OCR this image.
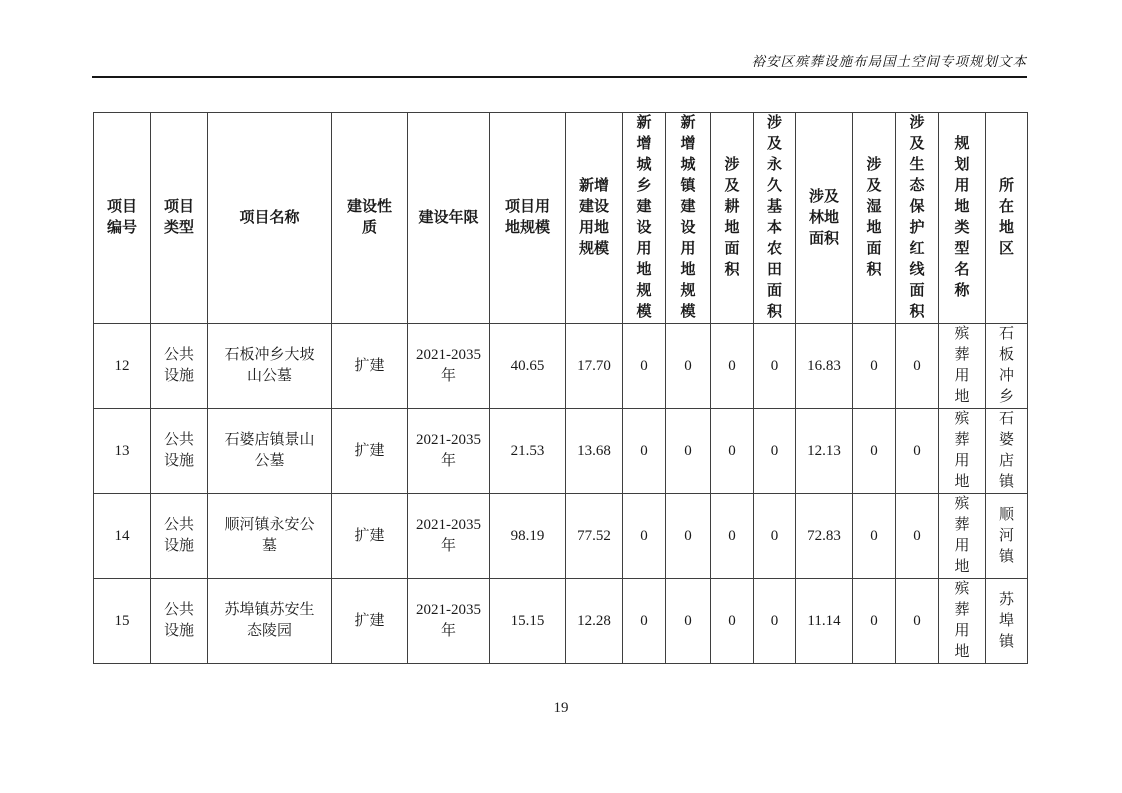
裕安区殡葬设施布局国土空间专项规划文本
项目编号	项目类型	项目名称	建设性质	建设年限	项目用地规模	新增建设用地规模	新增城乡建设用地规模	新增城镇建设用地规模	涉及耕地面积	涉及永久基本农田面积	涉及林地面积	涉及湿地面积	涉及生态保护红线面积	规划用地类型名称	所在地区

12	公共设施	石板冲乡大坡山公墓	扩建	2021-2035年	40.65	17.70	0	0	0	0	16.83	0	0	殡葬用地	石板冲乡

13	公共设施	石婆店镇景山公墓	扩建	2021-2035年	21.53	13.68	0	0	0	0	12.13	0	0	殡葬用地	石婆店镇

14	公共设施	顺河镇永安公墓	扩建	2021-2035年	98.19	77.52	0	0	0	0	72.83	0	0	殡葬用地	顺河镇

15	公共设施	苏埠镇苏安生态陵园	扩建	2021-2035年	15.15	12.28	0	0	0	0	11.14	0	0	殡葬用地	苏埠镇
19
